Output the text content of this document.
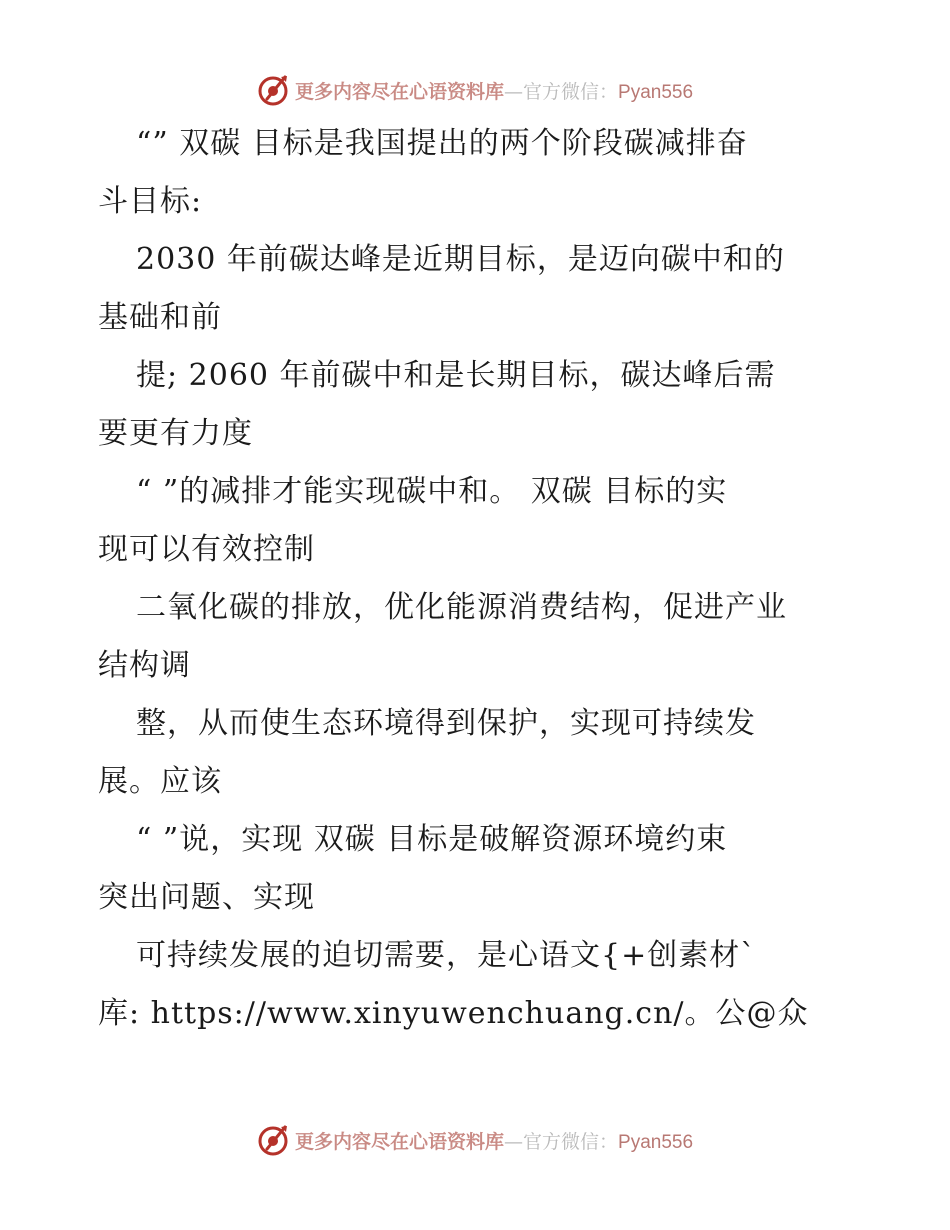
更多内容尽在心语资料库—官方微信：Pyan556
“” 双碳 目标是我国提出的两个阶段碳减排奋
斗目标:
2030 年前碳达峰是近期目标，是迈向碳中和的
基础和前
提; 2060 年前碳中和是长期目标，碳达峰后需
要更有力度
“ ”的减排才能实现碳中和。 双碳 目标的实
现可以有效控制
二氧化碳的排放，优化能源消费结构，促进产业
结构调
整，从而使生态环境得到保护，实现可持续发
展。应该
“ ”说，实现 双碳 目标是破解资源环境约束
突出问题、实现
可持续发展的迫切需要，是心语文{+创素材`
库: https://www.xinyuwenchuang.cn/。公@众
更多内容尽在心语资料库—官方微信：Pyan556
